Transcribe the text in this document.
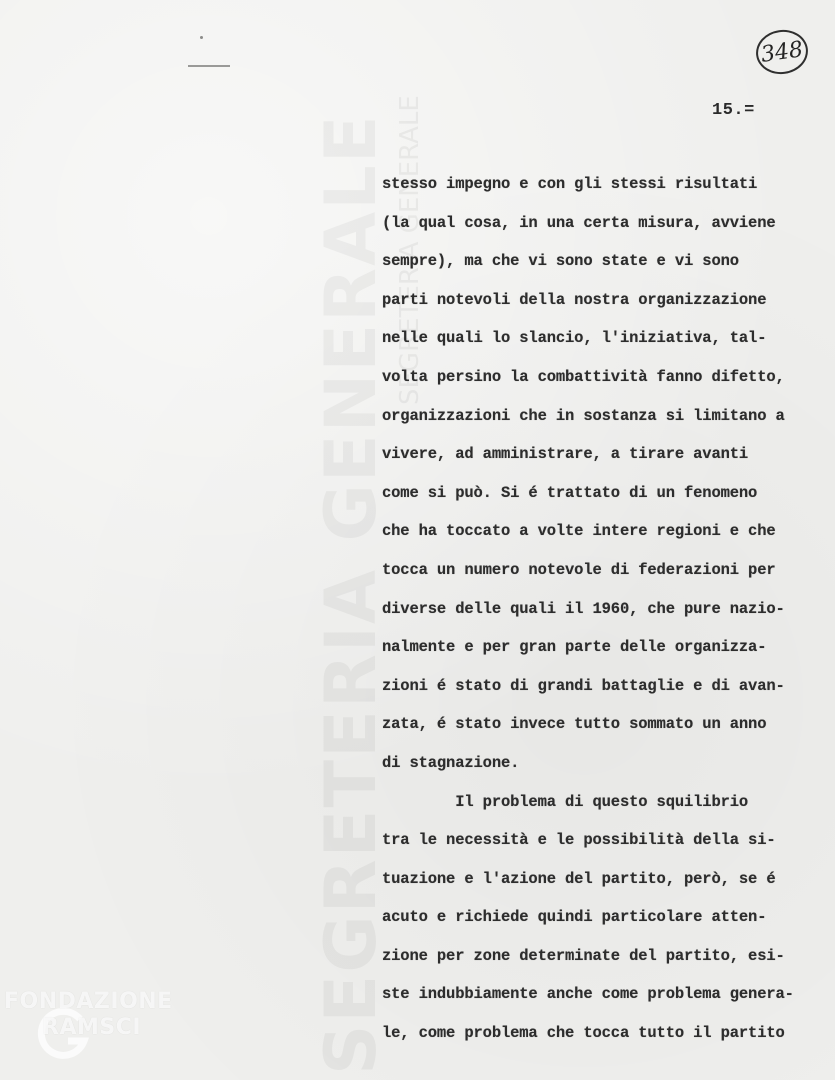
SEGRETERIA GENERALE
348
15.=
stesso impegno e con gli stessi risultati
(la qual cosa, in una certa misura, avviene
sempre), ma che vi sono state e vi sono
parti notevoli della nostra organizzazione
nelle quali lo slancio, l'iniziativa, tal-
volta persino la combattività fanno difetto,
organizzazioni che in sostanza si limitano a
vivere, ad amministrare, a tirare avanti
come si può. Si é trattato di un fenomeno
che ha toccato a volte intere regioni e che
tocca un numero notevole di federazioni per
diverse delle quali il 1960, che pure nazio-
nalmente e per gran parte delle organizza-
zioni é stato di grandi battaglie e di avan-
zata, é stato invece tutto sommato un anno
di stagnazione.
Il problema di questo squilibrio
tra le necessità e le possibilità della si-
tuazione e l'azione del partito, però, se é
acuto e richiede quindi particolare atten-
zione per zone determinate del partito, esi-
ste indubbiamente anche come problema genera-
le, come problema che tocca tutto il partito
FONDAZIONE
RAMSCI
